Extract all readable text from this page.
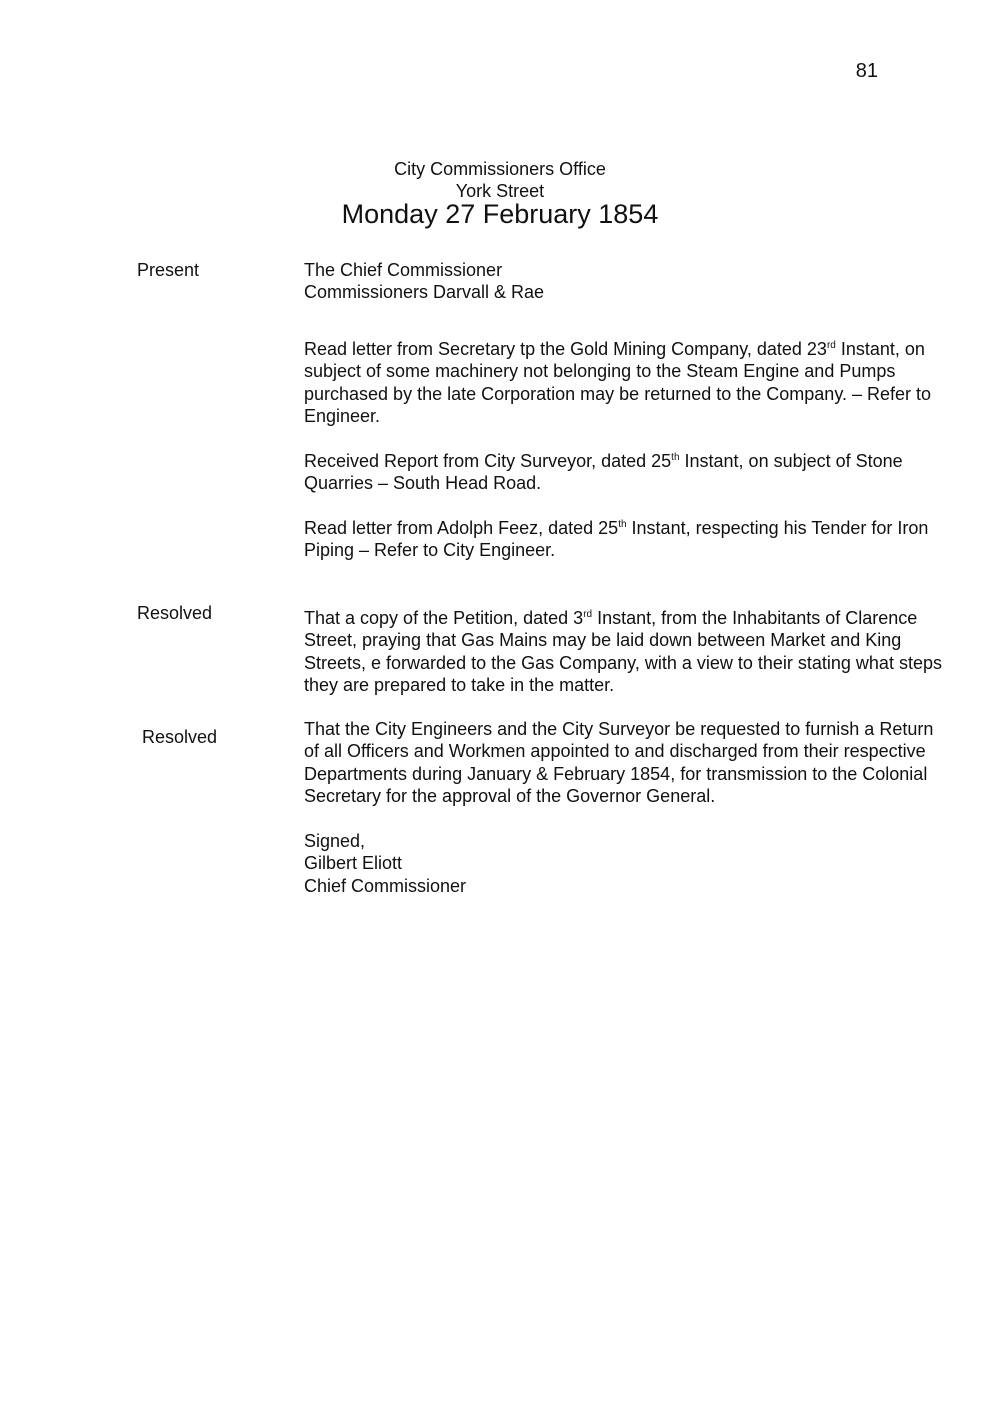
81
City Commissioners Office
York Street
Monday 27 February 1854
Present	The Chief Commissioner
Commissioners Darvall & Rae

Read letter from Secretary tp the Gold Mining Company, dated 23rd Instant, on subject of some machinery not belonging to the Steam Engine and Pumps purchased by the late Corporation may be returned to the Company. – Refer to Engineer.

Received Report from City Surveyor, dated 25th Instant, on subject of Stone Quarries – South Head Road.

Read letter from Adolph Feez, dated 25th Instant, respecting his Tender for Iron Piping – Refer to City Engineer.

Resolved	That a copy of the Petition, dated 3rd Instant, from the Inhabitants of Clarence Street, praying that Gas Mains may be laid down between Market and King Streets, e forwarded to the Gas Company, with a view to their stating what steps they are prepared to take in the matter.

Resolved	That the City Engineers and the City Surveyor be requested to furnish a Return of all Officers and Workmen appointed to and discharged from their respective Departments during January & February 1854, for transmission to the Colonial Secretary for the approval of the Governor General.

Signed,
Gilbert Eliott
Chief Commissioner
